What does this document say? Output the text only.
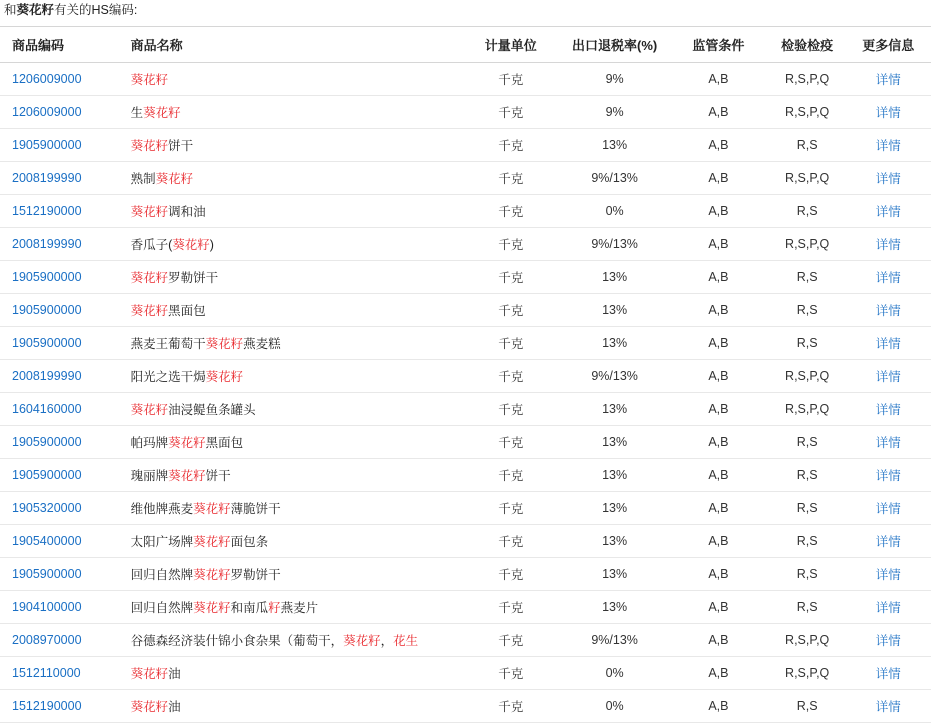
和葵花籽有关的HS编码:
商品编码	商品名称	计量单位	出口退税率(%)	监管条件	检验检疫	更多信息
1206009000	葵花籽	千克	9%	A,B	R,S,P,Q	详情
1206009000	生葵花籽	千克	9%	A,B	R,S,P,Q	详情
1905900000	葵花籽饼干	千克	13%	A,B	R,S	详情
2008199990	熟制葵花籽	千克	9%/13%	A,B	R,S,P,Q	详情
1512190000	葵花籽调和油	千克	0%	A,B	R,S	详情
2008199990	香瓜子(葵花籽)	千克	9%/13%	A,B	R,S,P,Q	详情
1905900000	葵花籽罗勒饼干	千克	13%	A,B	R,S	详情
1905900000	葵花籽黑面包	千克	13%	A,B	R,S	详情
1905900000	燕麦王葡萄干葵花籽燕麦糕	千克	13%	A,B	R,S	详情
2008199990	阳光之选干焗葵花籽	千克	9%/13%	A,B	R,S,P,Q	详情
1604160000	葵花籽油浸鳀鱼条罐头	千克	13%	A,B	R,S,P,Q	详情
1905900000	帕玛牌葵花籽黑面包	千克	13%	A,B	R,S	详情
1905900000	瑰丽牌葵花籽饼干	千克	13%	A,B	R,S	详情
1905320000	维他牌燕麦葵花籽薄脆饼干	千克	13%	A,B	R,S	详情
1905400000	太阳广场牌葵花籽面包条	千克	13%	A,B	R,S	详情
1905900000	回归自然牌葵花籽罗勒饼干	千克	13%	A,B	R,S	详情
1904100000	回归自然牌葵花籽和南瓜籽燕麦片	千克	13%	A,B	R,S	详情
2008970000	谷德森经济装什锦小食杂果（葡萄干，葵花籽，花生	千克	9%/13%	A,B	R,S,P,Q	详情
1512110000	葵花籽油	千克	0%	A,B	R,S,P,Q	详情
1512190000	葵花籽油	千克	0%	A,B	R,S	详情
